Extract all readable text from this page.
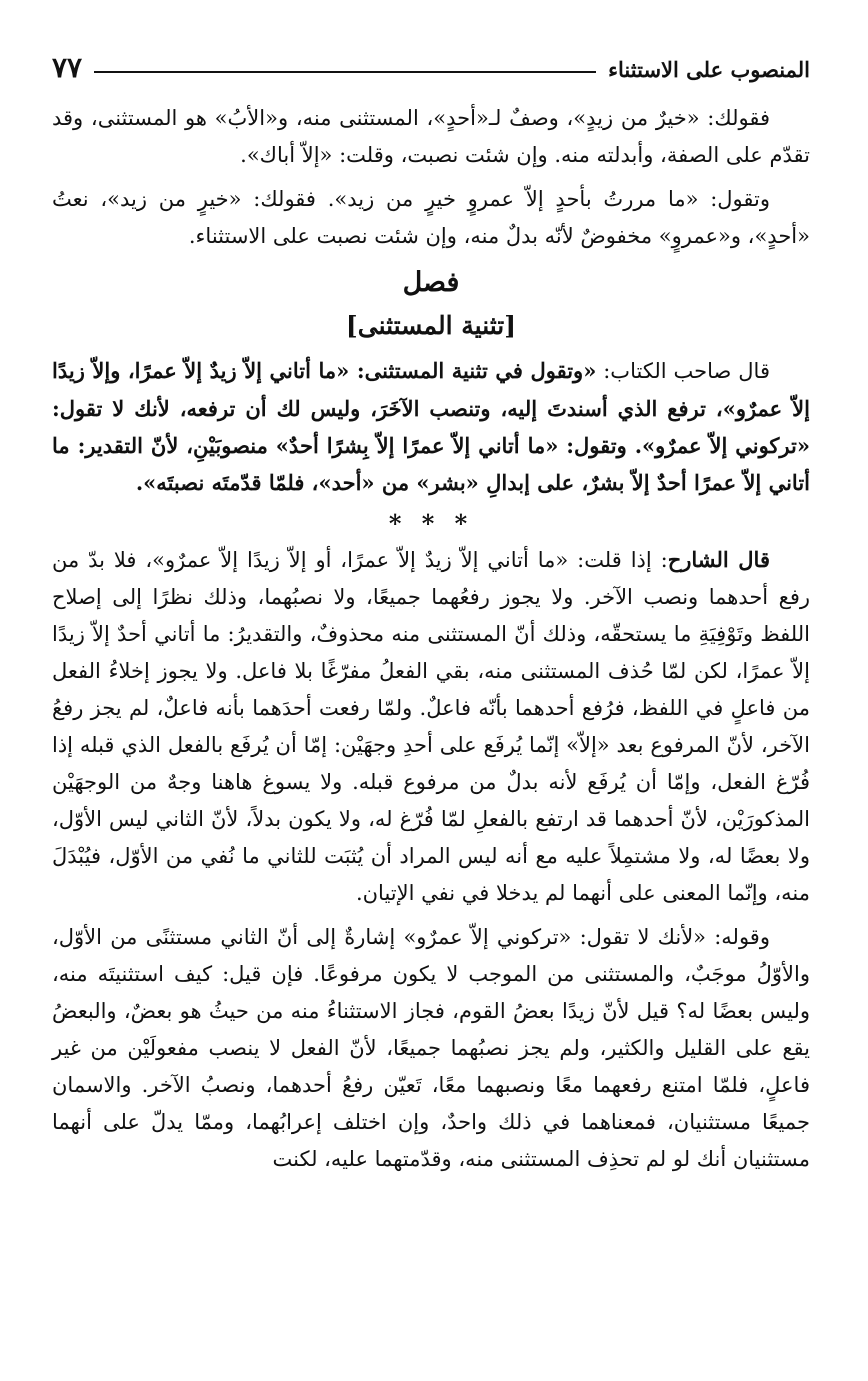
المنصوب على الاستثناء
٧٧

فقولك: «خيرٌ من زيدٍ»، وصفٌ لـ«أحدٍ»، المستثنى منه، و«الأبُ» هو المستثنى، وقد تقدّم على الصفة، وأبدلته منه. وإن شئت نصبت، وقلت: «إلاّ أباك».

وتقول: «ما مررتُ بأحدٍ إلاّ عمروٍ خيرٍ من زيد». فقولك: «خيرٍ من زيد»، نعتُ «أحدٍ»، و«عمروٍ» مخفوضٌ لأنّه بدلٌ منه، وإن شئت نصبت على الاستثناء.

فصل
[تثنية المستثنى]

قال صاحب الكتاب: «وتقول في تثنية المستثنى: «ما أتاني إلاّ زيدٌ إلاّ عمرًا، وإلاّ زيدًا إلاّ عمرٌو»، ترفع الذي أسندتَ إليه، وتنصب الآخَرَ، وليس لك أن ترفعه، لأنك لا تقول: «تركوني إلاّ عمرٌو». وتقول: «ما أتاني إلاّ عمرًا إلاّ بِشرًا أحدٌ» منصوبَيْنِ، لأنّ التقدير: ما أتاني إلاّ عمرًا أحدٌ إلاّ بشرٌ، على إبدالِ «بشر» من «أحد»، فلمّا قدّمتَه نصبتَه».

* * *

قال الشارح: إذا قلت: «ما أتاني إلاّ زيدٌ إلاّ عمرًا، أو إلاّ زيدًا إلاّ عمرٌو»، فلا بدّ من رفع أحدهما ونصب الآخر. ولا يجوز رفعُهما جميعًا، ولا نصبُهما، وذلك نظرًا إلى إصلاح اللفظ وتَوْفِيَةِ ما يستحقّه، وذلك أنّ المستثنى منه محذوفٌ، والتقديرُ: ما أتاني أحدٌ إلاّ زيدًا إلاّ عمرًا، لكن لمّا حُذف المستثنى منه، بقي الفعلُ مفرّغًا بلا فاعل. ولا يجوز إخلاءُ الفعل من فاعلٍ في اللفظ، فرُفع أحدهما بأنّه فاعلٌ. ولمّا رفعت أحدَهما بأنه فاعلٌ، لم يجز رفعُ الآخر، لأنّ المرفوع بعد «إلاّ» إنّما يُرفَع على أحدِ وجهَيْن: إمّا أن يُرفَع بالفعل الذي قبله إذا فُرّغ الفعل، وإمّا أن يُرفَع لأنه بدلٌ من مرفوع قبله. ولا يسوغ هاهنا وجهٌ من الوجهَيْن المذكورَيْن، لأنّ أحدهما قد ارتفع بالفعلِ لمّا فُرّغ له، ولا يكون بدلاً، لأنّ الثاني ليس الأوّل، ولا بعضًا له، ولا مشتمِلاً عليه مع أنه ليس المراد أن يُثبَت للثاني ما نُفي من الأوّل، فيُبْدَلَ منه، وإنّما المعنى على أنهما لم يدخلا في نفي الإتيان.

وقوله: «لأنك لا تقول: «تركوني إلاّ عمرٌو» إشارةٌ إلى أنّ الثاني مستثنًى من الأوّل، والأوّلُ موجَبٌ، والمستثنى من الموجب لا يكون مرفوعًا. فإن قيل: كيف استثنيتَه منه، وليس بعضًا له؟ قيل لأنّ زيدًا بعضُ القوم، فجاز الاستثناءُ منه من حيثُ هو بعضٌ، والبعضُ يقع على القليل والكثير، ولم يجز نصبُهما جميعًا، لأنّ الفعل لا ينصب مفعولَيْن من غير فاعلٍ، فلمّا امتنع رفعهما معًا ونصبهما معًا، تَعيّن رفعُ أحدهما، ونصبُ الآخر. والاسمان جميعًا مستثنيان، فمعناهما في ذلك واحدٌ، وإن اختلف إعرابُهما، وممّا يدلّ على أنهما مستثنيان أنك لو لم تحذِف المستثنى منه، وقدّمتهما عليه، لكنت
